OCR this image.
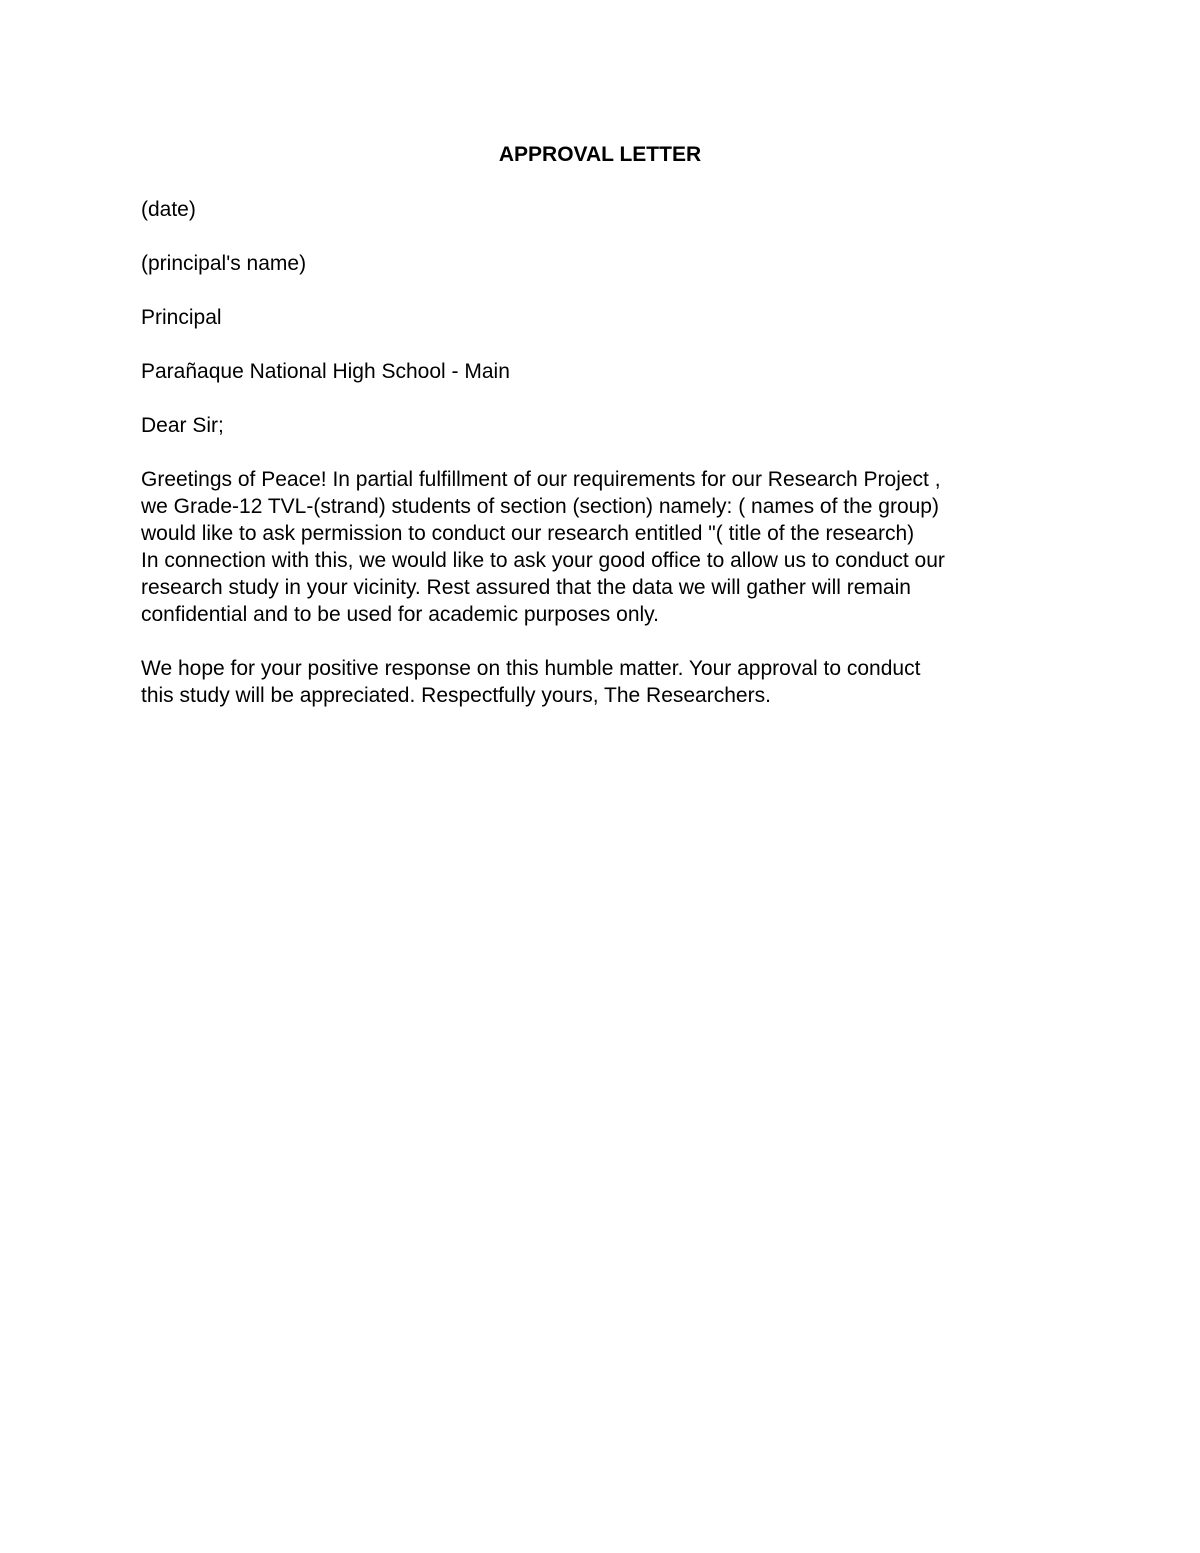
APPROVAL LETTER
(date)
(principal's name)
Principal
Parañaque National High School - Main
Dear Sir;
Greetings of Peace! In partial fulfillment of our requirements for our Research Project ,
we Grade-12 TVL-(strand) students of section (section) namely: ( names of the group)
would like to ask permission to conduct our research entitled "( title of the research)
In connection with this, we would like to ask your good office to allow us to conduct our
research study in your vicinity. Rest assured that the data we will gather will remain
confidential and to be used for academic purposes only.
We hope for your positive response on this humble matter. Your approval to conduct
this study will be appreciated. Respectfully yours, The Researchers.
